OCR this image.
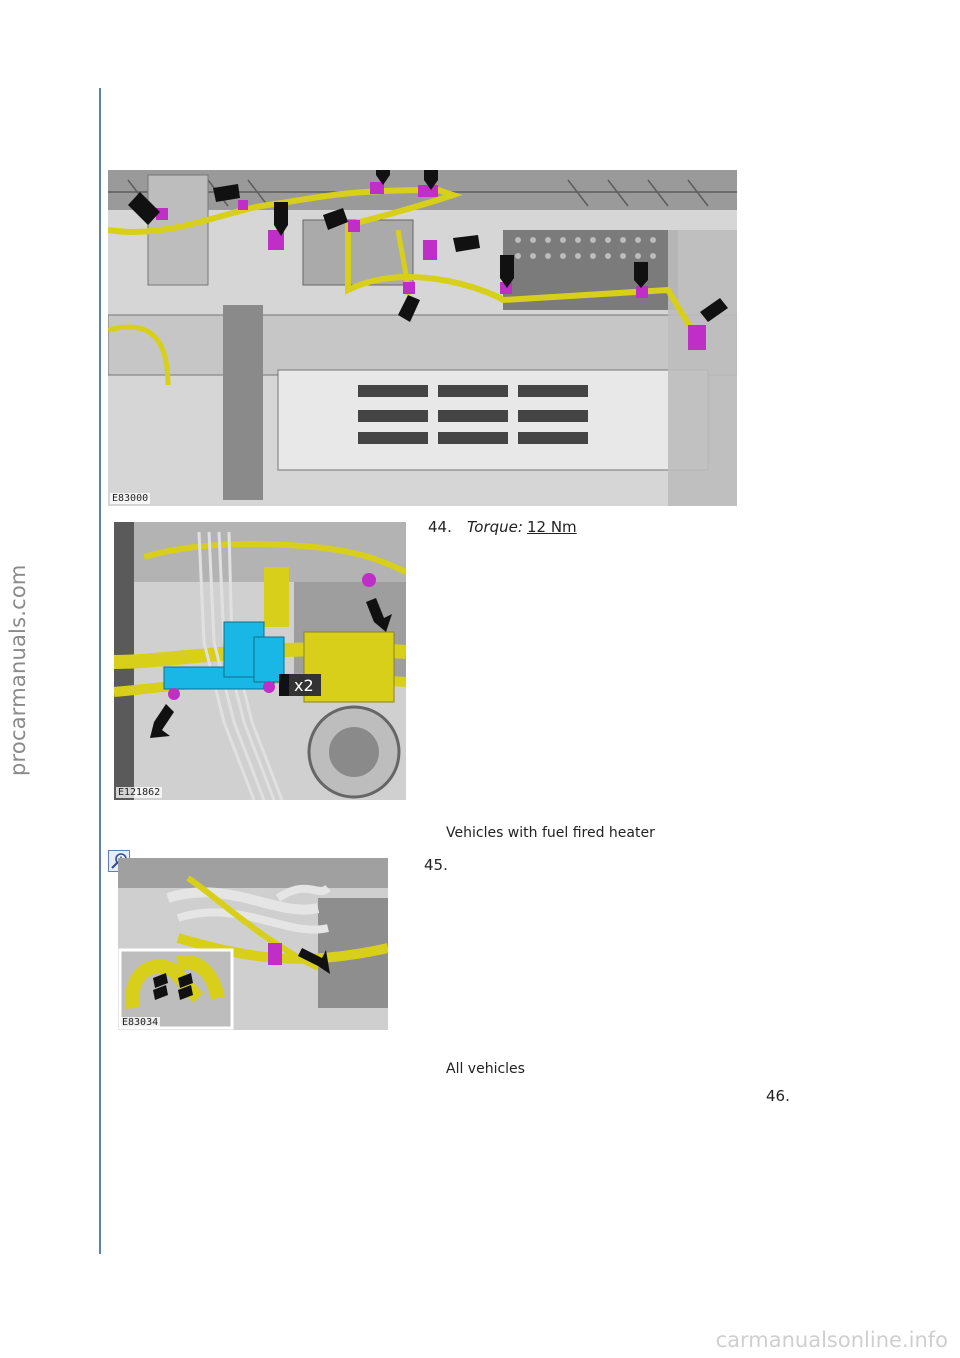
procarmanuals.com
E83000
44. Torque: 12 Nm
x2
E121862
Vehicles with fuel fired heater
45.
E83034
All vehicles
46.
carmanualsonline.info
